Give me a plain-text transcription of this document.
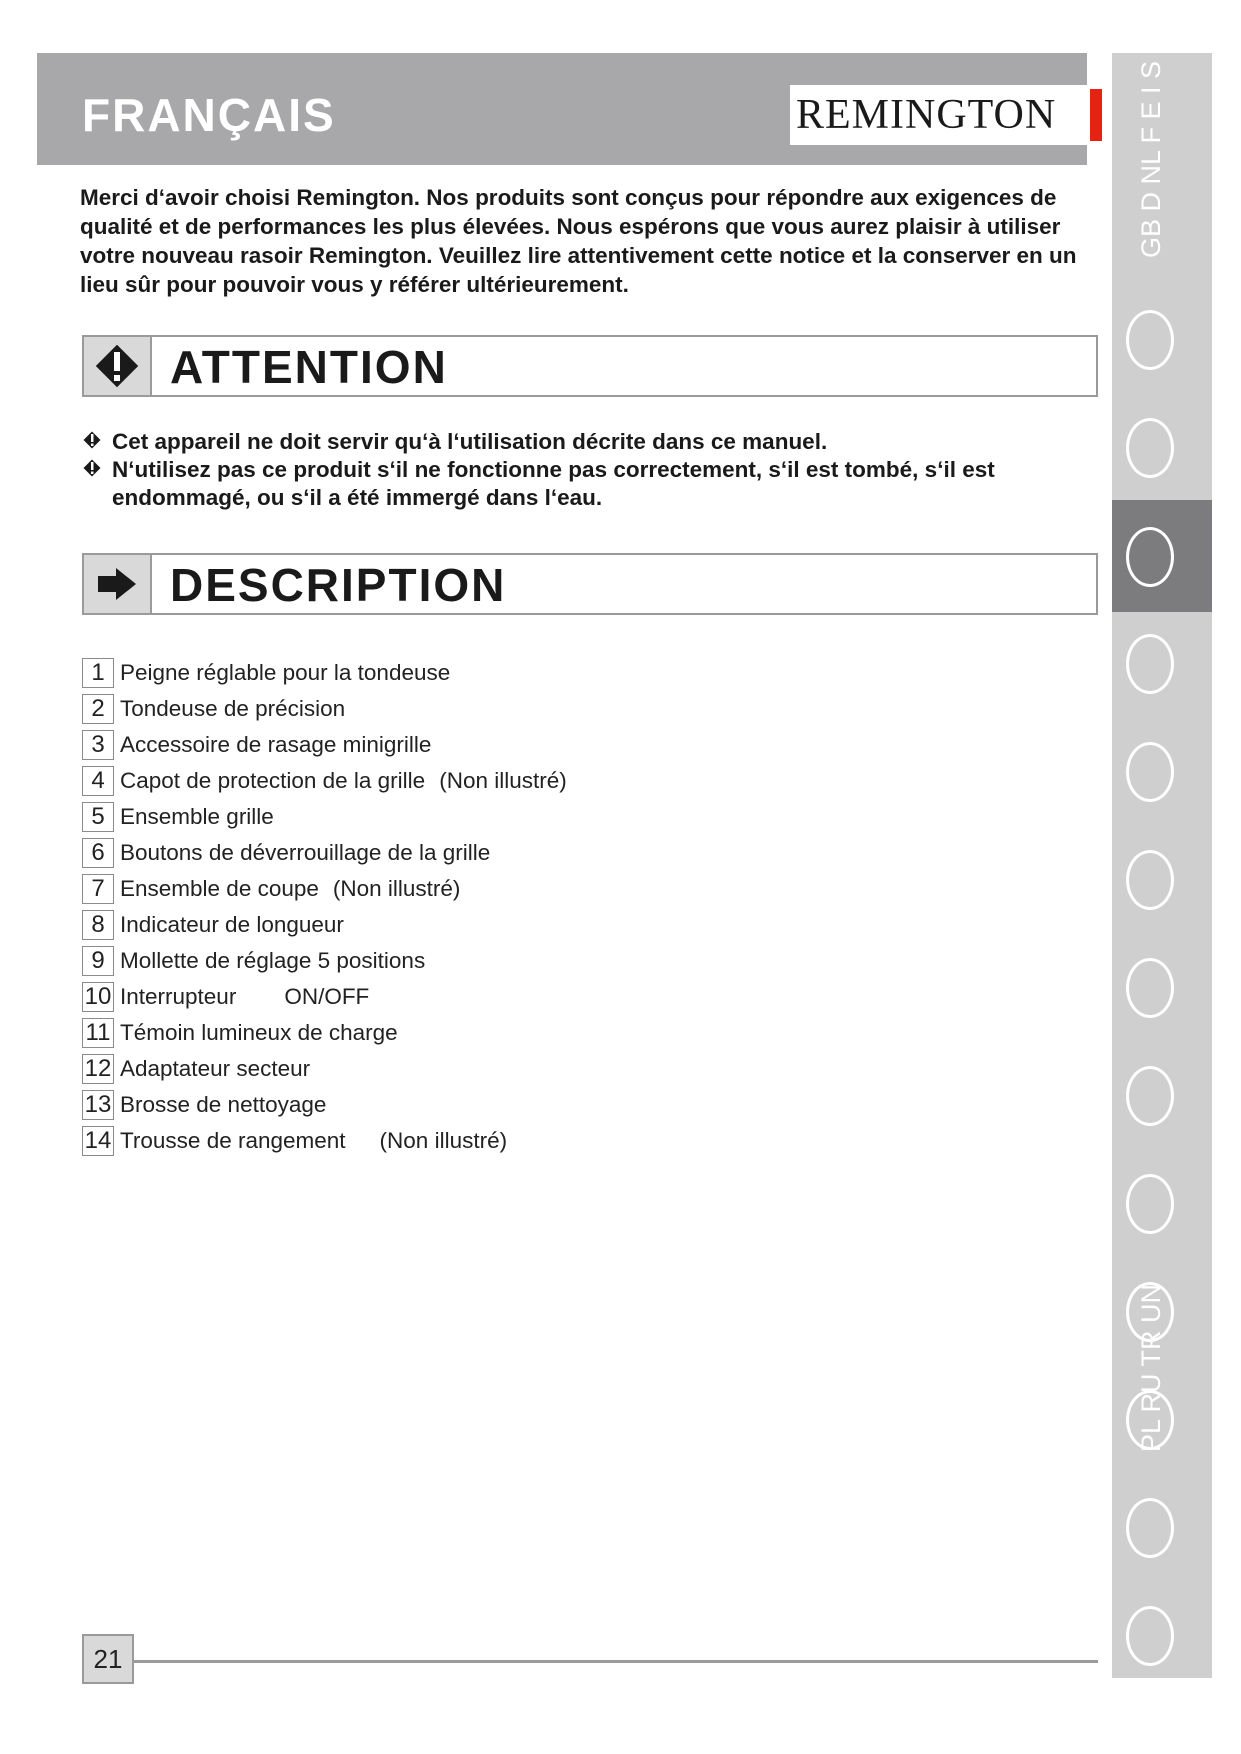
FRANÇAIS	REMINGTON	GB D NL F E I S FIN
PL RU TR UN

Merci d‘avoir choisi Remington. Nos produits sont conçus pour répondre aux exigences de qualité et de performances les plus élevées. Nous espérons que vous aurez plaisir à utiliser votre nouveau rasoir Remington. Veuillez lire attentivement cette notice et la conserver en un lieu sûr pour pouvoir vous y référer ultérieurement.

ATTENTION
Cet appareil ne doit servir qu‘à l‘utilisation décrite dans ce manuel.
N‘utilisez pas ce produit s‘il ne fonctionne pas correctement, s‘il est tombé, s‘il est endommagé, ou s‘il a été immergé dans l‘eau.
DESCRIPTION
1 Peigne réglable pour la tondeuse
2 Tondeuse de précision
3 Accessoire de rasage minigrille
4 Capot de protection de la grille (Non illustré)
5 Ensemble grille
6 Boutons de déverrouillage de la grille
7 Ensemble de coupe (Non illustré)
8 Indicateur de longueur
9 Mollette de réglage 5 positions
10 Interrupteur ON/OFF
11 Témoin lumineux de charge
12 Adaptateur secteur
13 Brosse de nettoyage
14 Trousse de rangement (Non illustré)
21
